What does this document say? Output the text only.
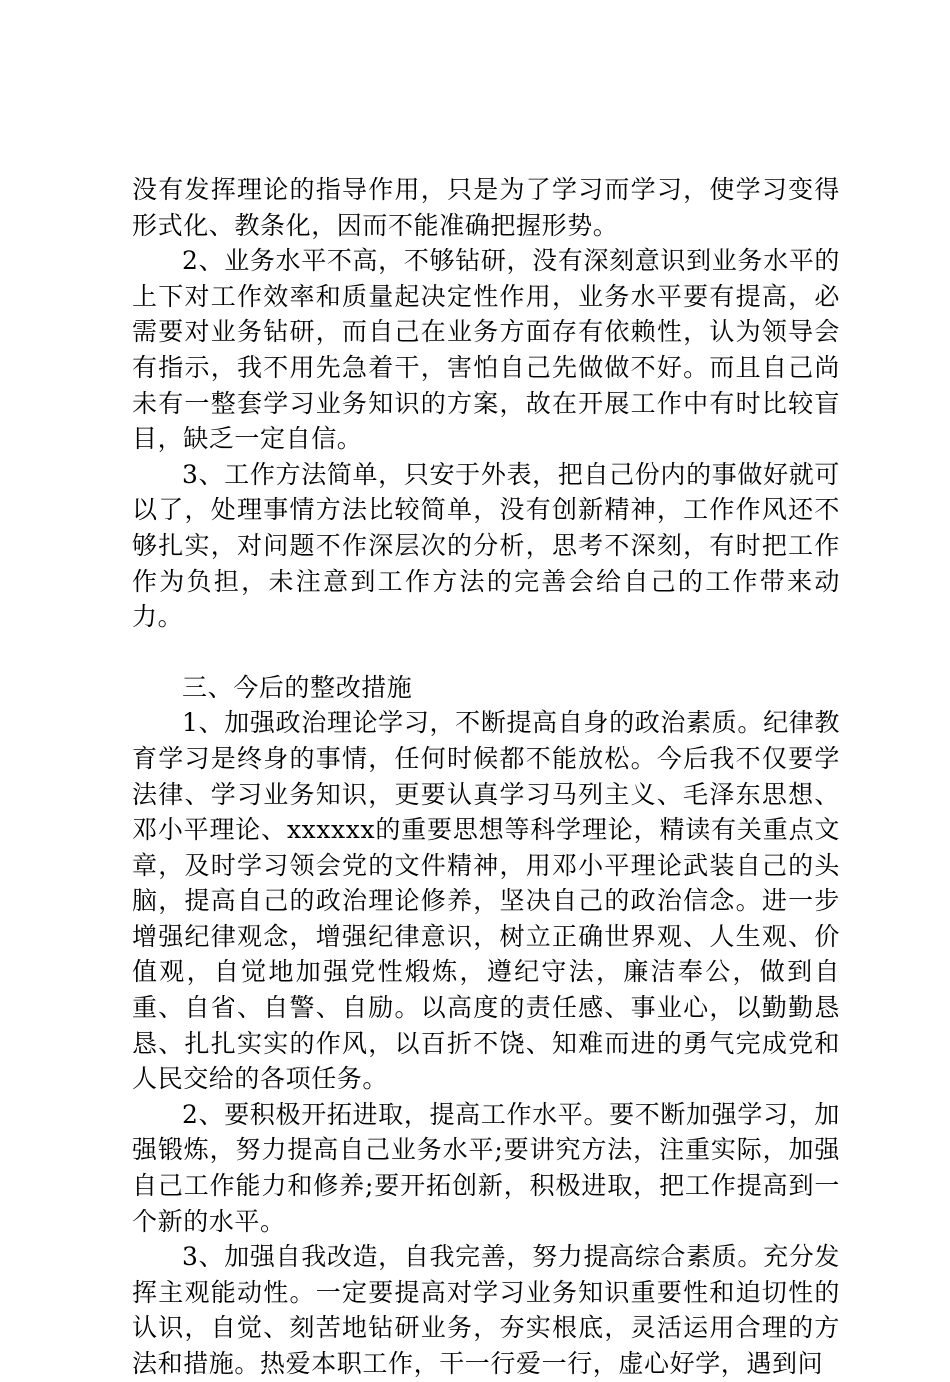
没有发挥理论的指导作用，只是为了学习而学习，使学习变得形式化、教条化，因而不能准确把握形势。

2、业务水平不高，不够钻研，没有深刻意识到业务水平的上下对工作效率和质量起决定性作用，业务水平要有提高，必需要对业务钻研，而自己在业务方面存有依赖性，认为领导会有指示，我不用先急着干，害怕自己先做做不好。而且自己尚未有一整套学习业务知识的方案，故在开展工作中有时比较盲目，缺乏一定自信。

3、工作方法简单，只安于外表，把自己份内的事做好就可以了，处理事情方法比较简单，没有创新精神，工作作风还不够扎实，对问题不作深层次的分析，思考不深刻，有时把工作作为负担，未注意到工作方法的完善会给自己的工作带来动力。

三、今后的整改措施

1、加强政治理论学习，不断提高自身的政治素质。纪律教育学习是终身的事情，任何时候都不能放松。今后我不仅要学法律、学习业务知识，更要认真学习马列主义、毛泽东思想、邓小平理论、xxxxxx的重要思想等科学理论，精读有关重点文章，及时学习领会党的文件精神，用邓小平理论武装自己的头脑，提高自己的政治理论修养，坚决自己的政治信念。进一步增强纪律观念，增强纪律意识，树立正确世界观、人生观、价值观，自觉地加强党性煅炼，遵纪守法，廉洁奉公，做到自重、自省、自警、自励。以高度的责任感、事业心，以勤勤恳恳、扎扎实实的作风，以百折不饶、知难而进的勇气完成党和人民交给的各项任务。

2、要积极开拓进取，提高工作水平。要不断加强学习，加强锻炼，努力提高自己业务水平;要讲究方法，注重实际，加强自己工作能力和修养;要开拓创新，积极进取，把工作提高到一个新的水平。

3、加强自我改造，自我完善，努力提高综合素质。充分发挥主观能动性。一定要提高对学习业务知识重要性和迫切性的认识，自觉、刻苦地钻研业务，夯实根底，灵活运用合理的方法和措施。热爱本职工作，干一行爱一行，虚心好学，遇到问
